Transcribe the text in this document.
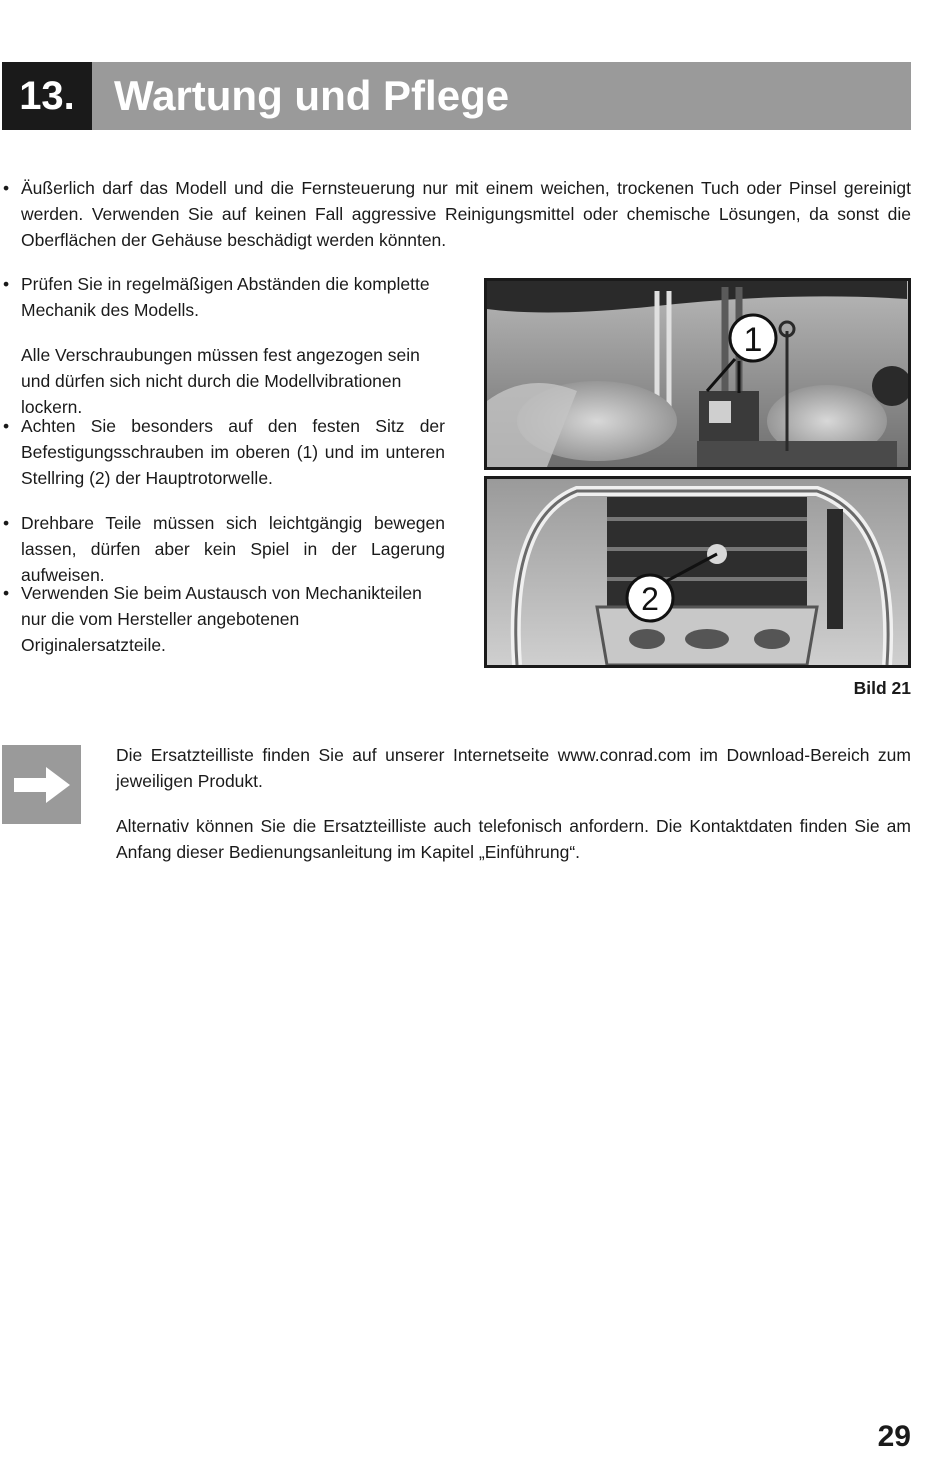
13. Wartung und Pflege
• Äußerlich darf das Modell und die Fernsteuerung nur mit einem weichen, trockenen Tuch oder Pinsel gereinigt werden. Verwenden Sie auf keinen Fall aggressive Reinigungsmittel oder chemische Lösungen, da sonst die Oberflächen der Gehäuse beschädigt werden könnten.
• Prüfen Sie in regelmäßigen Abständen die komplette Mechanik des Modells.
Alle Verschraubungen müssen fest angezogen sein und dürfen sich nicht durch die Modellvibrationen lockern.
• Achten Sie besonders auf den festen Sitz der Befestigungsschrauben im oberen (1) und im unteren Stellring (2) der Hauptrotorwelle.
• Drehbare Teile müssen sich leichtgängig bewegen lassen, dürfen aber kein Spiel in der Lagerung aufweisen.
• Verwenden Sie beim Austausch von Mechanikteilen nur die vom Hersteller angebotenen Originalersatzteile.
1
2
Bild 21
Die Ersatzteilliste finden Sie auf unserer Internetseite www.conrad.com im Download-Bereich zum jeweiligen Produkt.
Alternativ können Sie die Ersatzteilliste auch telefonisch anfordern. Die Kontaktdaten finden Sie am Anfang dieser Bedienungsanleitung im Kapitel „Einführung“.
29
